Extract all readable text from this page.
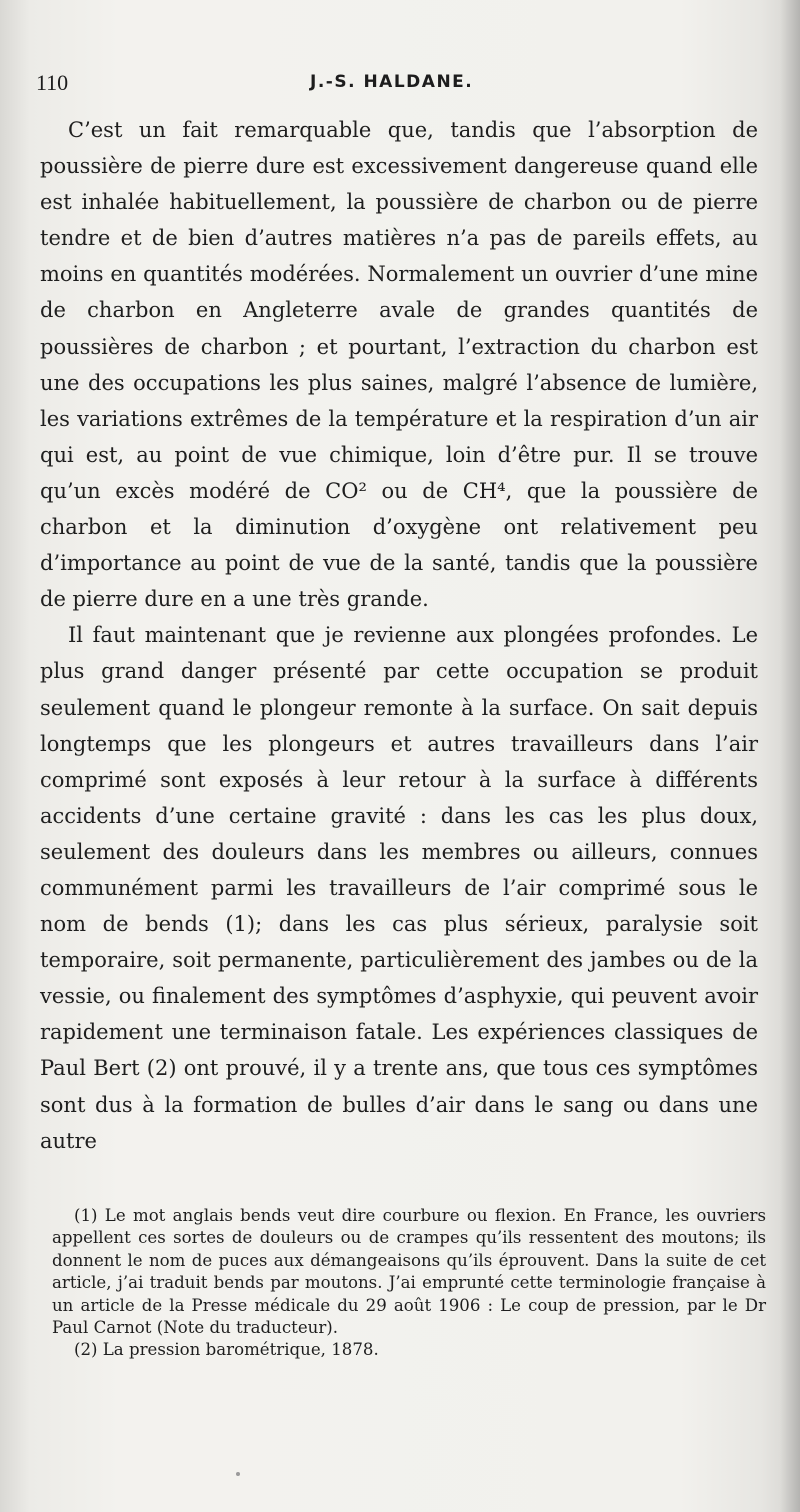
110	J.-S. HALDANE.

C’est un fait remarquable que, tandis que l’absorption de poussière de pierre dure est excessivement dangereuse quand elle est inhalée habituellement, la poussière de charbon ou de pierre tendre et de bien d’autres matières n’a pas de pareils effets, au moins en quantités modérées. Normalement un ouvrier d’une mine de charbon en Angleterre avale de grandes quantités de poussières de charbon ; et pourtant, l’extraction du charbon est une des occupations les plus saines, malgré l’absence de lumière, les variations extrêmes de la température et la respiration d’un air qui est, au point de vue chimique, loin d’être pur. Il se trouve qu’un excès modéré de CO² ou de CH⁴, que la poussière de charbon et la diminution d’oxygène ont relativement peu d’importance au point de vue de la santé, tandis que la poussière de pierre dure en a une très grande.

Il faut maintenant que je revienne aux plongées profondes. Le plus grand danger présenté par cette occupation se produit seulement quand le plongeur remonte à la surface. On sait depuis longtemps que les plongeurs et autres travailleurs dans l’air comprimé sont exposés à leur retour à la surface à différents accidents d’une certaine gravité : dans les cas les plus doux, seulement des douleurs dans les membres ou ailleurs, connues communément parmi les travailleurs de l’air comprimé sous le nom de bends (1); dans les cas plus sérieux, paralysie soit temporaire, soit permanente, particulièrement des jambes ou de la vessie, ou finalement des symptômes d’asphyxie, qui peuvent avoir rapidement une terminaison fatale. Les expériences classiques de Paul Bert (2) ont prouvé, il y a trente ans, que tous ces symptômes sont dus à la formation de bulles d’air dans le sang ou dans une autre

(1) Le mot anglais bends veut dire courbure ou flexion. En France, les ouvriers appellent ces sortes de douleurs ou de crampes qu’ils ressentent des moutons; ils donnent le nom de puces aux démangeaisons qu’ils éprouvent. Dans la suite de cet article, j’ai traduit bends par moutons. J’ai emprunté cette terminologie française à un article de la Presse médicale du 29 août 1906 : Le coup de pression, par le Dr Paul Carnot (Note du traducteur).

(2) La pression barométrique, 1878.
